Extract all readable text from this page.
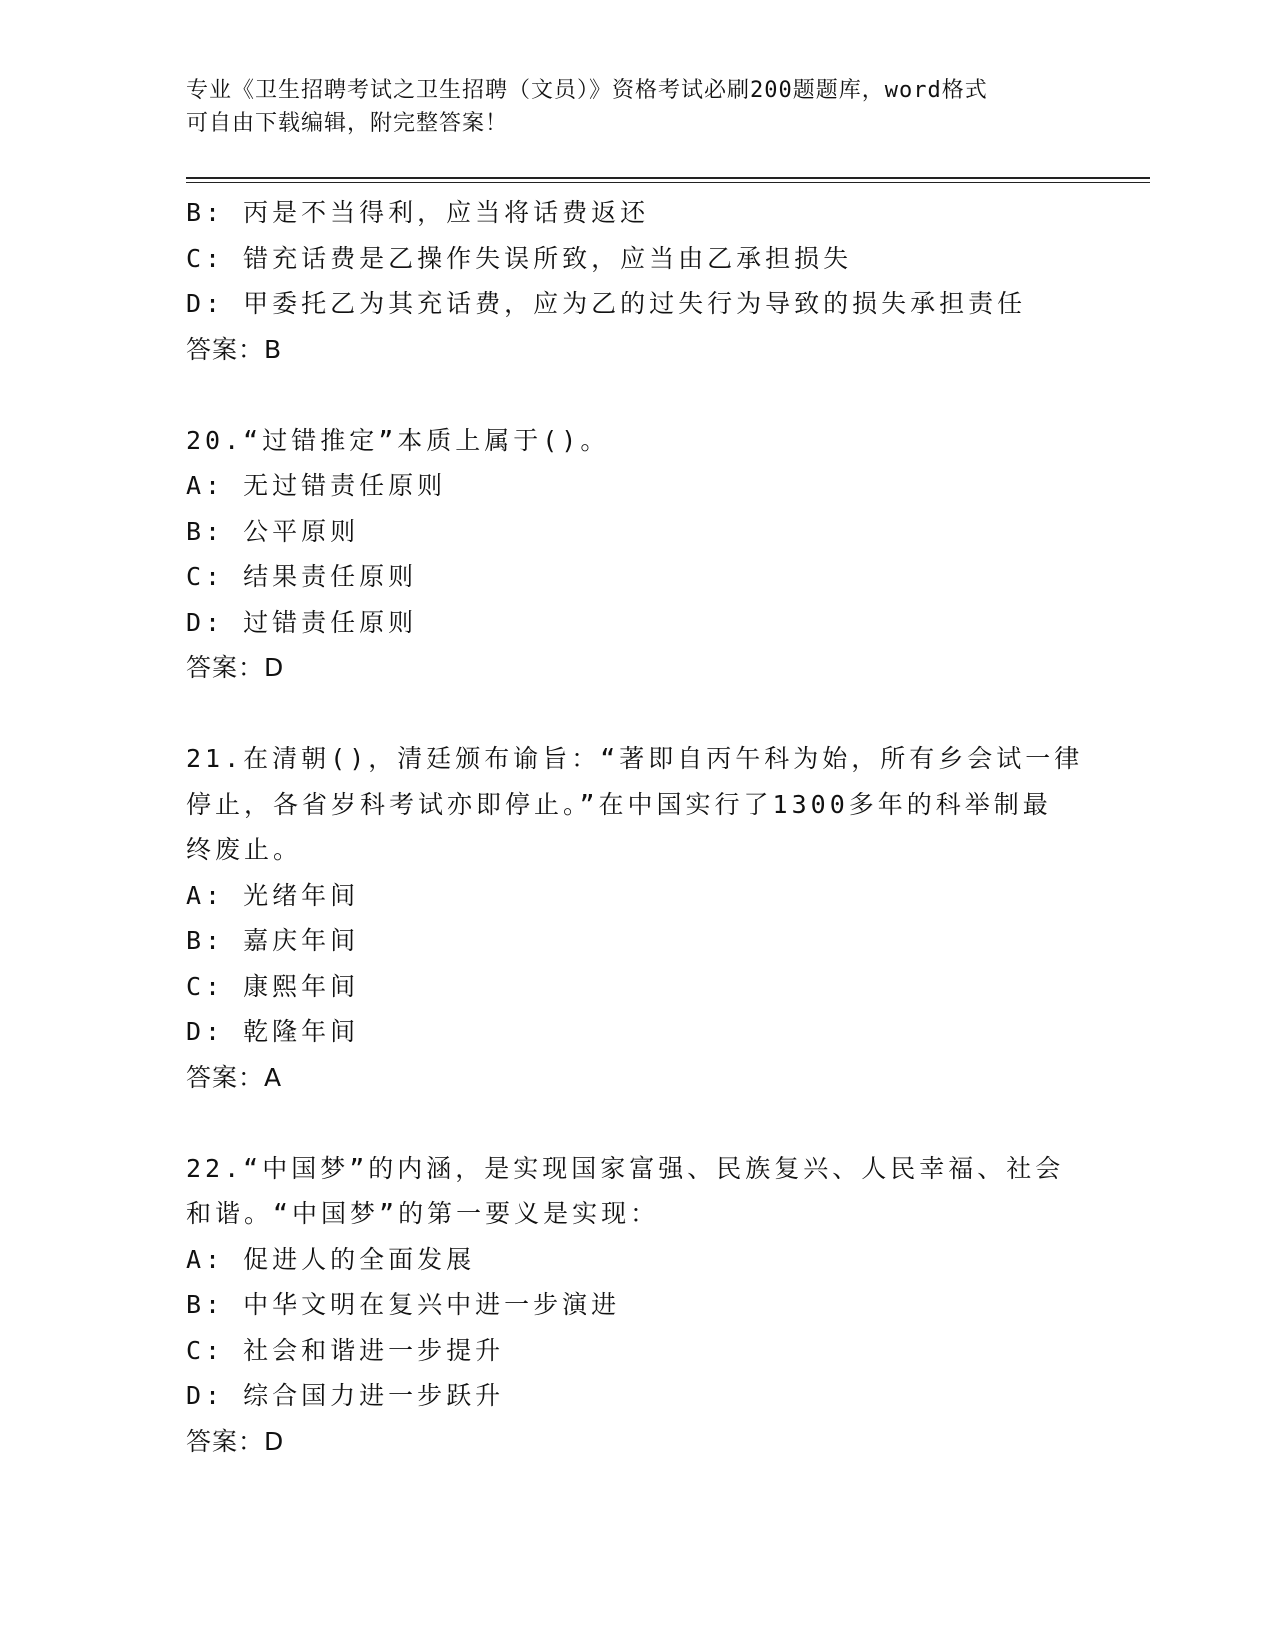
专业《卫生招聘考试之卫生招聘（文员）》资格考试必刷200题题库，word格式
可自由下载编辑，附完整答案！
B: 丙是不当得利，应当将话费返还
C: 错充话费是乙操作失误所致，应当由乙承担损失
D: 甲委托乙为其充话费，应为乙的过失行为导致的损失承担责任
答案：B
20.“过错推定”本质上属于()。
A: 无过错责任原则
B: 公平原则
C: 结果责任原则
D: 过错责任原则
答案：D
21.在清朝()，清廷颁布谕旨：“著即自丙午科为始，所有乡会试一律
停止，各省岁科考试亦即停止。”在中国实行了1300多年的科举制最
终废止。
A: 光绪年间
B: 嘉庆年间
C: 康熙年间
D: 乾隆年间
答案：A
22.“中国梦”的内涵，是实现国家富强、民族复兴、人民幸福、社会
和谐。“中国梦”的第一要义是实现：
A: 促进人的全面发展
B: 中华文明在复兴中进一步演进
C: 社会和谐进一步提升
D: 综合国力进一步跃升
答案：D
